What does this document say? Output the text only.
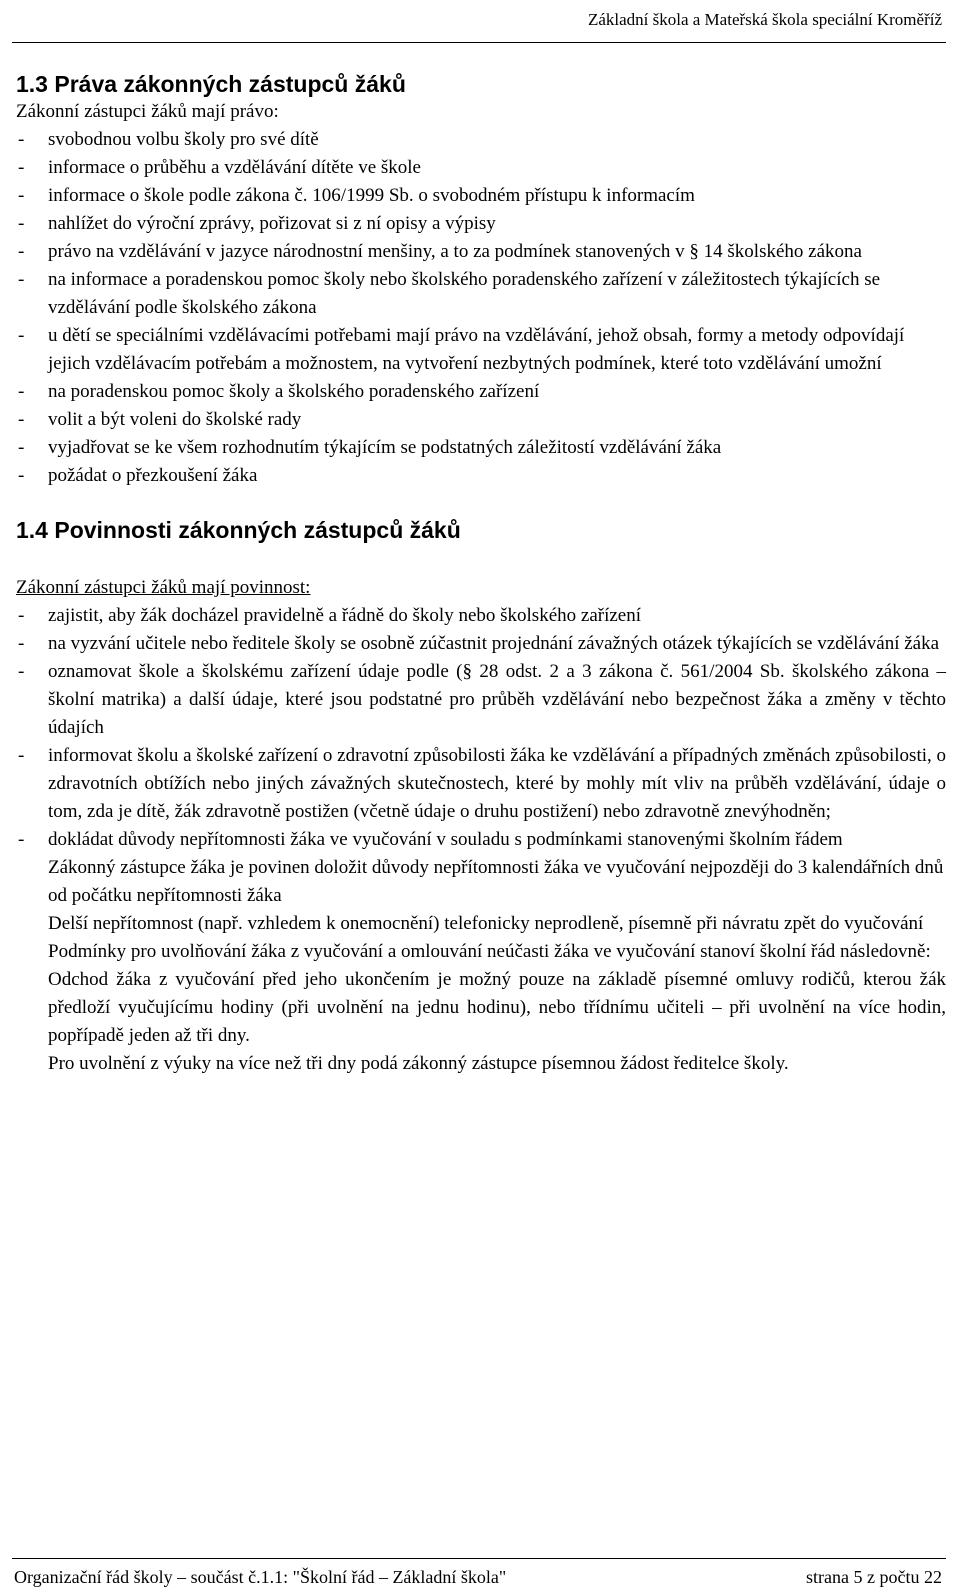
Základní škola a Mateřská škola speciální Kroměříž
1.3 Práva zákonných zástupců žáků

Zákonní zástupci žáků mají právo:

- svobodnou volbu školy pro své dítě
- informace o průběhu a vzdělávání dítěte ve škole
- informace o škole podle zákona č. 106/1999 Sb. o svobodném přístupu k informacím
- nahlížet do výroční zprávy, pořizovat si z ní opisy a výpisy
- právo na vzdělávání v jazyce národnostní menšiny, a to za podmínek stanovených v § 14 školského zákona
- na informace a poradenskou pomoc školy nebo školského poradenského zařízení v záležitostech týkajících se vzdělávání podle školského zákona
- u dětí se speciálními vzdělávacími potřebami mají právo na vzdělávání, jehož obsah, formy a metody odpovídají jejich vzdělávacím potřebám a možnostem, na vytvoření nezbytných podmínek, které toto vzdělávání umožní
- na poradenskou pomoc školy a školského poradenského zařízení
- volit a být voleni do školské rady
- vyjadřovat se ke všem rozhodnutím týkajícím se podstatných záležitostí vzdělávání žáka
- požádat o přezkoušení žáka
1.4 Povinnosti zákonných zástupců žáků

Zákonní zástupci žáků mají povinnost:

- zajistit, aby žák docházel pravidelně a řádně do školy nebo školského zařízení
- na vyzvání učitele nebo ředitele školy se osobně zúčastnit projednání závažných otázek týkajících se vzdělávání žáka
- oznamovat škole a školskému zařízení údaje podle (§ 28 odst. 2 a 3 zákona č. 561/2004 Sb. školského zákona – školní matrika) a další údaje, které jsou podstatné pro průběh vzdělávání nebo bezpečnost žáka a změny v těchto údajích
- informovat školu a školské zařízení o zdravotní způsobilosti žáka ke vzdělávání a případných změnách způsobilosti, o zdravotních obtížích nebo jiných závažných skutečnostech, které by mohly mít vliv na průběh vzdělávání, údaje o tom, zda je dítě, žák zdravotně postižen (včetně údaje o druhu postižení) nebo zdravotně znevýhodněn;
- dokládat důvody nepřítomnosti žáka ve vyučování v souladu s podmínkami stanovenými školním řádem

Zákonný zástupce žáka je povinen doložit důvody nepřítomnosti žáka ve vyučování nejpozději do 3 kalendářních dnů od počátku nepřítomnosti žáka

Delší nepřítomnost (např. vzhledem k onemocnění) telefonicky neprodleně, písemně při návratu zpět do vyučování

Podmínky pro uvolňování žáka z vyučování a omlouvání neúčasti žáka ve vyučování stanoví školní řád následovně:

Odchod žáka z vyučování před jeho ukončením je možný pouze na základě písemné omluvy rodičů, kterou žák předloží vyučujícímu hodiny (při uvolnění na jednu hodinu), nebo třídnímu učiteli – při uvolnění na více hodin, popřípadě jeden až tři dny.

Pro uvolnění z výuky na více než tři dny podá zákonný zástupce písemnou žádost ředitelce školy.

Organizační řád školy – součást č.1.1: "Školní řád – Základní škola"	strana 5 z počtu 22
